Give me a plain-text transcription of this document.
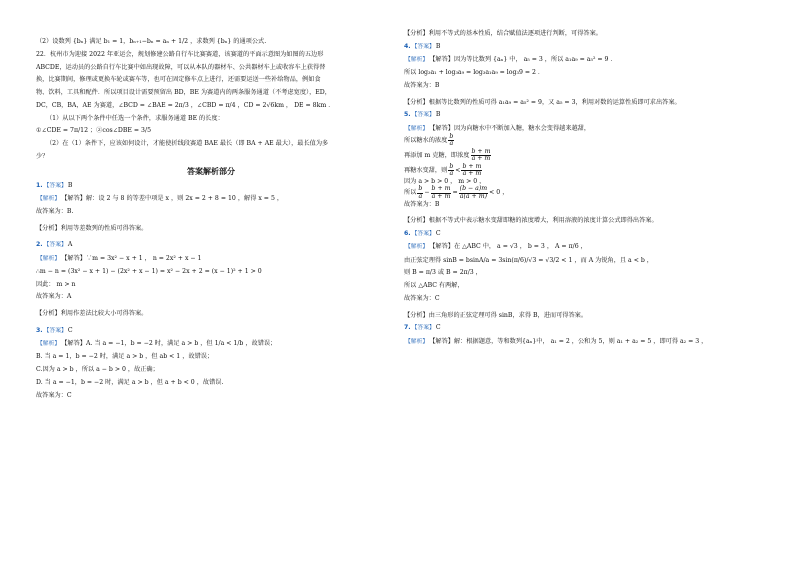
（2）设数列 {bₙ} 满足 b₁ = 1，bₙ₊₁−bₙ = aₙ + 1/2 ，求数列 {bₙ} 的通项公式.

22．杭州市为迎接 2022 年亚运会，规划修建公路自行车比赛赛道，该赛道的平面示意图为如图的五边形

ABCDE，运动员的公路自行车比赛中如出现故障，可以从本队的器材车、公共器材车上或收容车上获得替

换，比赛期间，修理或更换车轮或赛车等，也可在固定修车点上进行，还需要运送一些补给物品，例如食

物、饮料，工具和配件．所以项目设计需要预留出 BD，BE 为赛道内的两条服务通道（不考虑宽度），ED，

DC，CB，BA，AE 为赛道，∠BCD = ∠BAE = 2π/3 ，∠CBD = π/4 ，CD = 2√6km ， DE = 8km ．

（1）从以下两个条件中任选一个条件，求服务通道 BE 的长度：

①∠CDE = 7π/12 ；②cos∠DBE = 3/5

（2）在（1）条件下，应该如何设计，才能使折线段赛道 BAE 最长（即 BA + AE 最大），最长值为多

少？

答案解析部分

1.【答案】B

【解析】【解答】解：设 2 与 8 的等差中项是 x ，则 2x = 2 + 8 = 10 ，解得 x = 5 ，

故答案为：B.

【分析】利用等差数列的性质可得答案。

2.【答案】A

【解析】【解答】∵m = 3x² − x + 1 ， n = 2x² + x − 1

∴m − n = (3x² − x + 1) − (2x² + x − 1) = x² − 2x + 2 = (x − 1)² + 1 > 0

因此： m > n

故答案为：A

【分析】利用作差法比较大小可得答案。

3.【答案】C

【解析】【解答】A. 当 a = −1，b = −2 时，满足 a > b ，但 1/a < 1/b ，故错误；

B. 当 a = 1，b = −2 时，满足 a > b ，但 ab < 1 ，故错误；

C.因为 a > b ，所以 a − b > 0 ，故正确；

D. 当 a = −1，b = −2 时，满足 a > b ，但 a + b < 0 ，故错误.

故答案为：C

【分析】利用不等式的基本性质，结合赋值法逐项进行判断，可得答案。

4.【答案】B

【解析】【解答】因为等比数列 {aₙ} 中， a₅ = 3 ，所以 a₁a₉ = a₅² = 9 ．

所以 log₃a₁ + log₃a₉ = log₃a₁a₉ = log₃9 = 2 ．

故答案为：B

【分析】根据等比数列的性质可得 a₁a₉ = a₅² = 9，又 a₅ = 3，利用对数的运算性质即可求出答案。

5.【答案】B

【解析】【解答】因为向糖水中不断加入糖，糖水会变得越来越甜，

所以糖水的浓度 $\frac{b}{a}$
再添加 m 克糖，即浓度 $\frac{b + m}{a + m}$
再糖水变甜，则 $\frac{b}{a} < \frac{b + m}{a + m}$

因为 a > b > 0 ， m > 0 ，

所以 $\frac{b}{a} - \frac{b + m}{a + m} = \frac{(b - a)m}{a(a + m)} < 0$ ，

故答案为：B

【分析】根据不等式中表示糖水变甜即糖的浓度增大，利用溶液的浓度计算公式即得出答案。

6.【答案】C

【解析】【解答】在 △ABC 中， a = √3 ， b = 3 ， A = π/6 ，

由正弦定理得 sinB = bsinA/a = 3sin(π/6)/√3 = √3/2 < 1 ，而 A 为锐角，且 a < b ，

则 B = π/3 或 B = 2π/3 ，

所以 △ABC 有两解，

故答案为：C

【分析】由三角形的正弦定理可得 sinB，求得 B，进而可得答案。

7.【答案】C

【解析】【解答】解：根据题意，等和数列{aₙ}中， a₁ = 2 ，公和为 5，则 a₁ + a₂ = 5 ，即可得 a₂ = 3 ，
